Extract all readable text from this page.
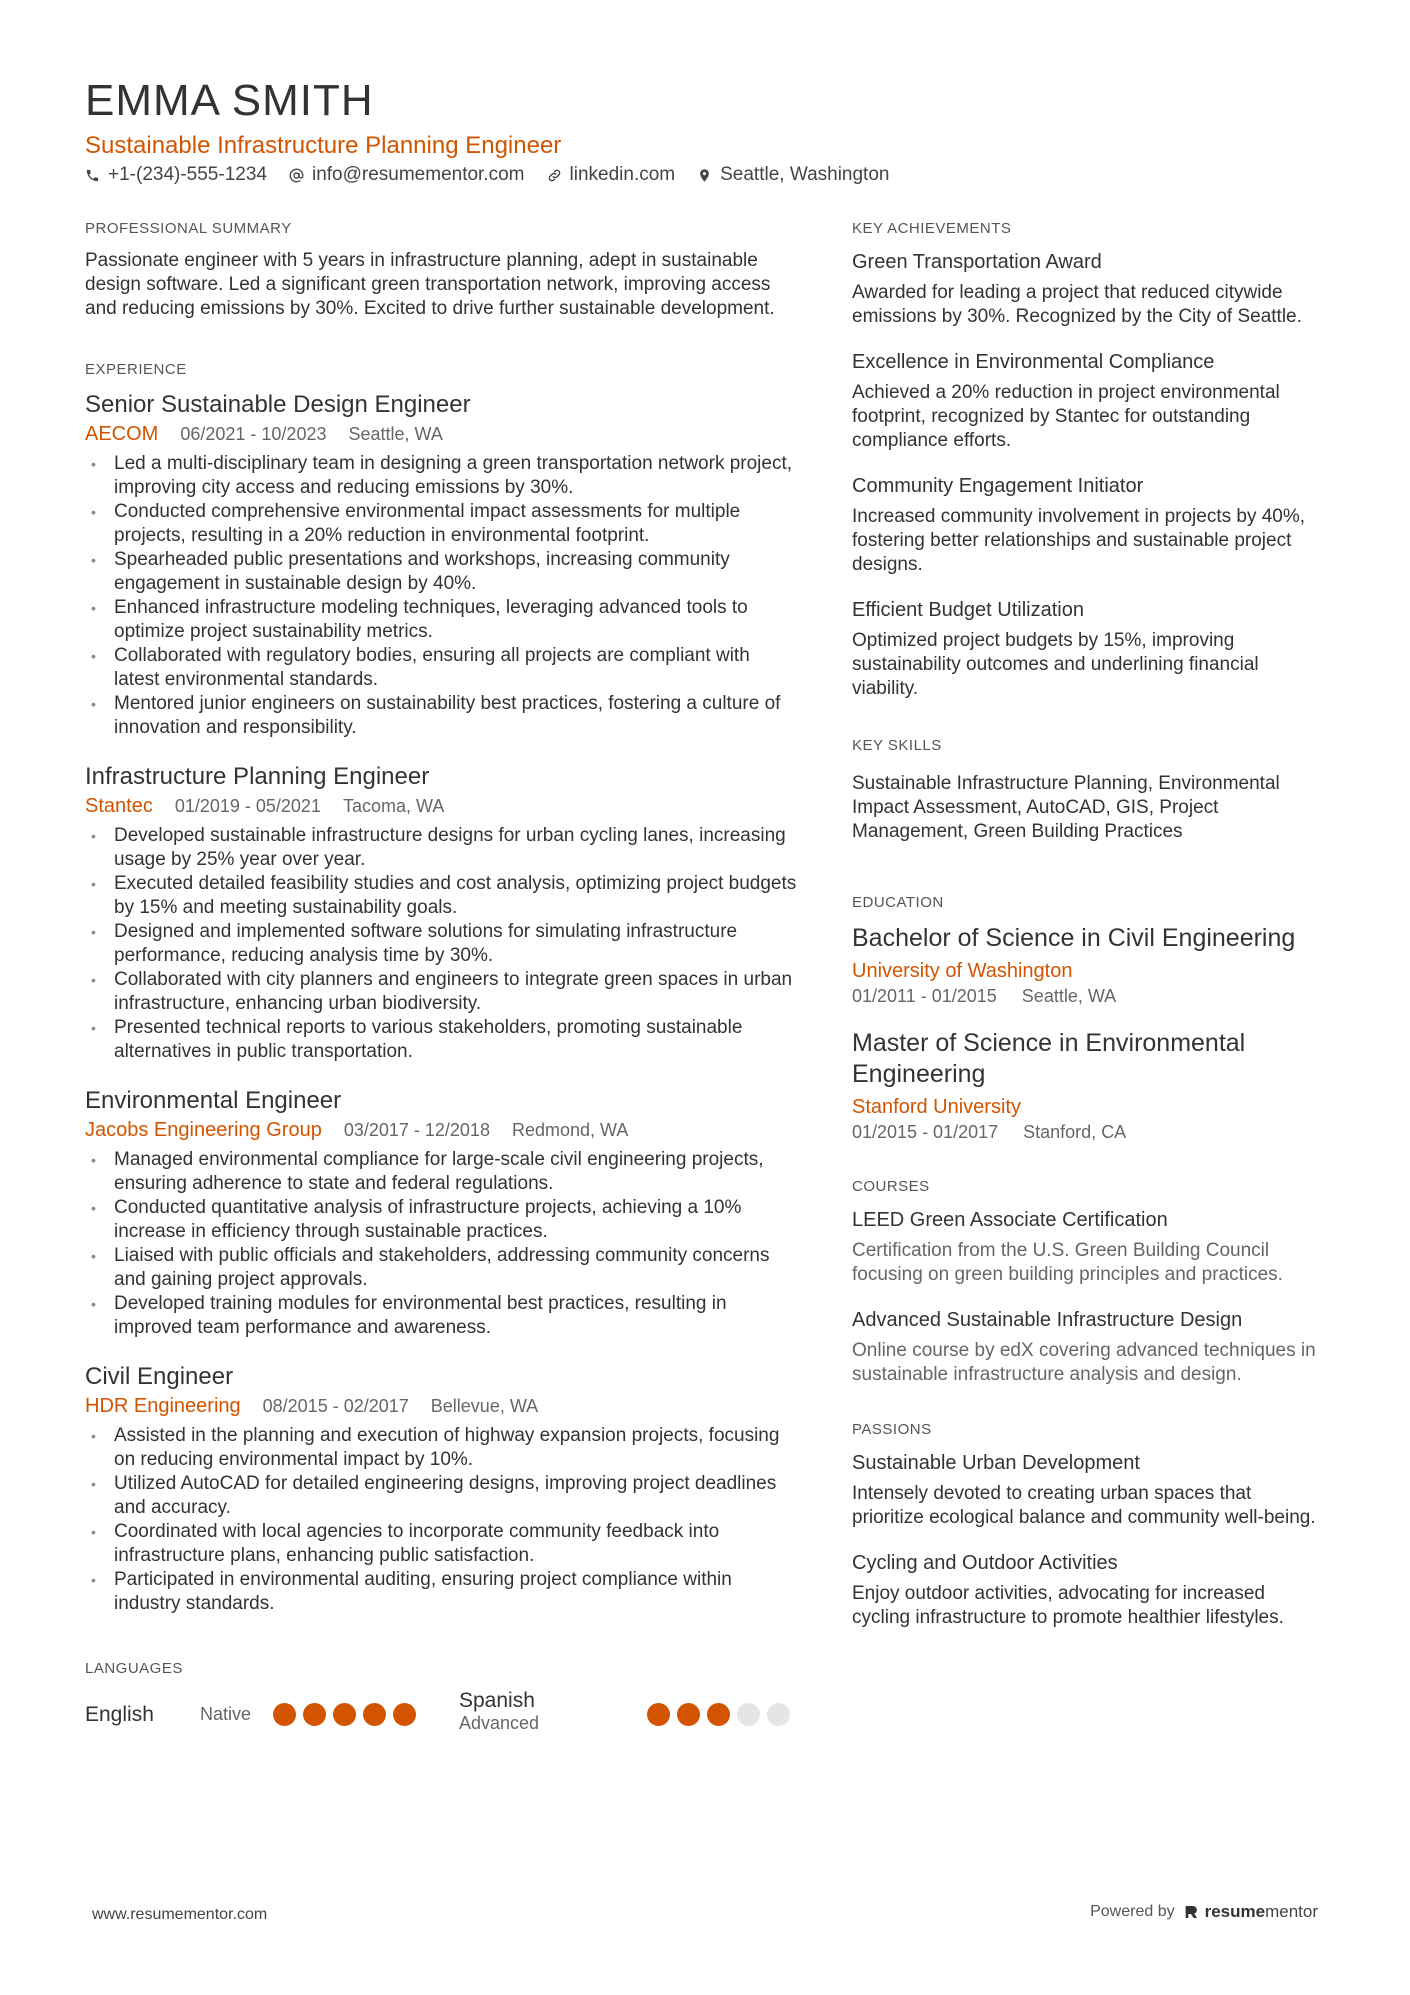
EMMA SMITH
Sustainable Infrastructure Planning Engineer
+1-(234)-555-1234 info@resumementor.com linkedin.com Seattle, Washington
PROFESSIONAL SUMMARY

Passionate engineer with 5 years in infrastructure planning, adept in sustainable design software. Led a significant green transportation network, improving access and reducing emissions by 30%. Excited to drive further sustainable development.

EXPERIENCE
Senior Sustainable Design Engineer
AECOM 06/2021 - 10/2023 Seattle, WA
• Led a multi-disciplinary team in designing a green transportation network project, improving city access and reducing emissions by 30%.
• Conducted comprehensive environmental impact assessments for multiple projects, resulting in a 20% reduction in environmental footprint.
• Spearheaded public presentations and workshops, increasing community engagement in sustainable design by 40%.
• Enhanced infrastructure modeling techniques, leveraging advanced tools to optimize project sustainability metrics.
• Collaborated with regulatory bodies, ensuring all projects are compliant with latest environmental standards.
• Mentored junior engineers on sustainability best practices, fostering a culture of innovation and responsibility.
Infrastructure Planning Engineer
Stantec 01/2019 - 05/2021 Tacoma, WA
• Developed sustainable infrastructure designs for urban cycling lanes, increasing usage by 25% year over year.
• Executed detailed feasibility studies and cost analysis, optimizing project budgets by 15% and meeting sustainability goals.
• Designed and implemented software solutions for simulating infrastructure performance, reducing analysis time by 30%.
• Collaborated with city planners and engineers to integrate green spaces in urban infrastructure, enhancing urban biodiversity.
• Presented technical reports to various stakeholders, promoting sustainable alternatives in public transportation.
Environmental Engineer
Jacobs Engineering Group 03/2017 - 12/2018 Redmond, WA
• Managed environmental compliance for large-scale civil engineering projects, ensuring adherence to state and federal regulations.
• Conducted quantitative analysis of infrastructure projects, achieving a 10% increase in efficiency through sustainable practices.
• Liaised with public officials and stakeholders, addressing community concerns and gaining project approvals.
• Developed training modules for environmental best practices, resulting in improved team performance and awareness.
Civil Engineer
HDR Engineering 08/2015 - 02/2017 Bellevue, WA
• Assisted in the planning and execution of highway expansion projects, focusing on reducing environmental impact by 10%.
• Utilized AutoCAD for detailed engineering designs, improving project deadlines and accuracy.
• Coordinated with local agencies to incorporate community feedback into infrastructure plans, enhancing public satisfaction.
• Participated in environmental auditing, ensuring project compliance within industry standards.
LANGUAGES
English	Native
Spanish
Advanced
KEY ACHIEVEMENTS
Green Transportation Award

Awarded for leading a project that reduced citywide emissions by 30%. Recognized by the City of Seattle.

Excellence in Environmental Compliance

Achieved a 20% reduction in project environmental footprint, recognized by Stantec for outstanding compliance efforts.

Community Engagement Initiator

Increased community involvement in projects by 40%, fostering better relationships and sustainable project designs.

Efficient Budget Utilization

Optimized project budgets by 15%, improving sustainability outcomes and underlining financial viability.

KEY SKILLS

Sustainable Infrastructure Planning, Environmental Impact Assessment, AutoCAD, GIS, Project Management, Green Building Practices

EDUCATION
Bachelor of Science in Civil Engineering
University of Washington
01/2011 - 01/2015 Seattle, WA
Master of Science in Environmental Engineering
Stanford University
01/2015 - 01/2017 Stanford, CA
COURSES
LEED Green Associate Certification

Certification from the U.S. Green Building Council focusing on green building principles and practices.

Advanced Sustainable Infrastructure Design

Online course by edX covering advanced techniques in sustainable infrastructure analysis and design.

PASSIONS
Sustainable Urban Development

Intensely devoted to creating urban spaces that prioritize ecological balance and community well-being.

Cycling and Outdoor Activities

Enjoy outdoor activities, advocating for increased cycling infrastructure to promote healthier lifestyles.

www.resumementor.com	Powered by resumementor
